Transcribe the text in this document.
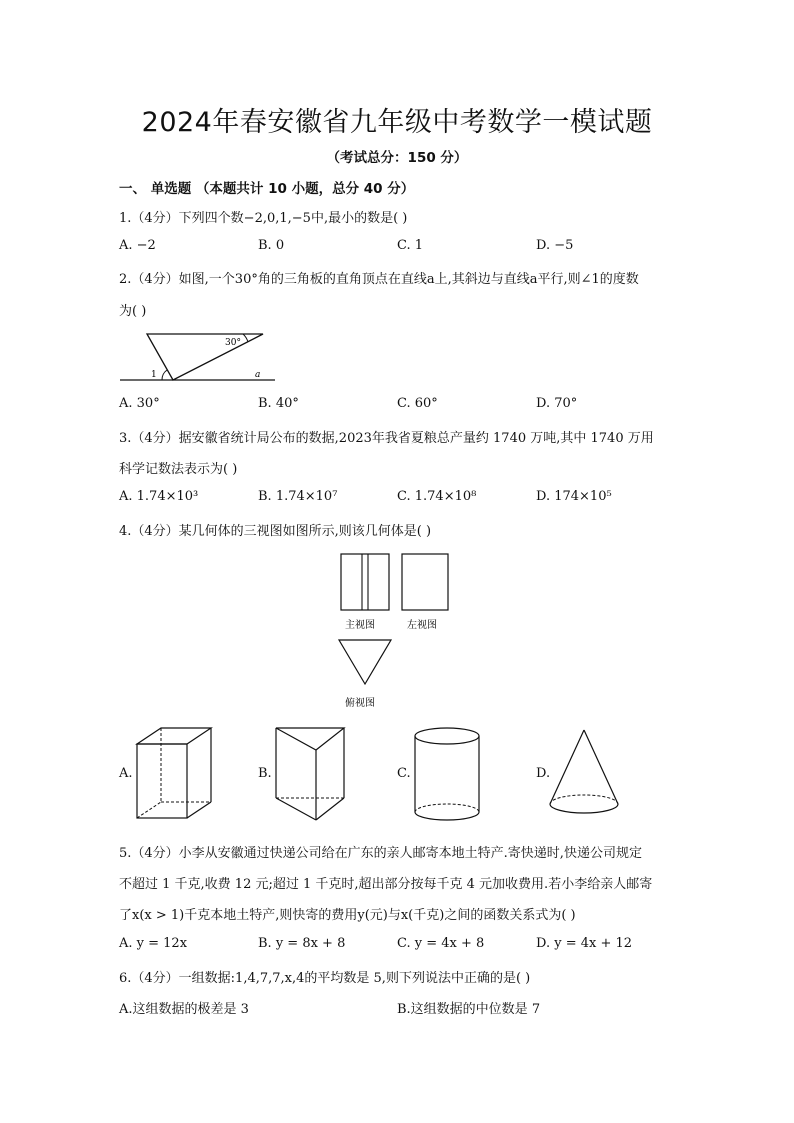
2024年春安徽省九年级中考数学一模试题
（考试总分：150 分）
一、 单选题 （本题共计 10 小题，总分 40 分）
1.（4分）下列四个数−2,0,1,−5中,最小的数是( )
A. −2	B. 0	C. 1	D. −5
2.（4分）如图,一个30°角的三角板的直角顶点在直线a上,其斜边与直线a平行,则∠1的度数
为( )
30°
1	a
A. 30°	B. 40°	C. 60°	D. 70°
3.（4分）据安徽省统计局公布的数据,2023年我省夏粮总产量约 1740 万吨,其中 1740 万用
科学记数法表示为( )
A. 1.74×10³	B. 1.74×10⁷	C. 1.74×10⁸	D. 174×10⁵
4.（4分）某几何体的三视图如图所示,则该几何体是( )
主视图	左视图
俯视图
A.	B.	C.	D.
5.（4分）小李从安徽通过快递公司给在广东的亲人邮寄本地土特产.寄快递时,快递公司规定
不超过 1 千克,收费 12 元;超过 1 千克时,超出部分按每千克 4 元加收费用.若小李给亲人邮寄
了x(x > 1)千克本地土特产,则快寄的费用y(元)与x(千克)之间的函数关系式为( )
A. y = 12x	B. y = 8x + 8	C. y = 4x + 8	D. y = 4x + 12
6.（4分）一组数据:1,4,7,7,x,4的平均数是 5,则下列说法中正确的是( )
A.这组数据的极差是 3	B.这组数据的中位数是 7
